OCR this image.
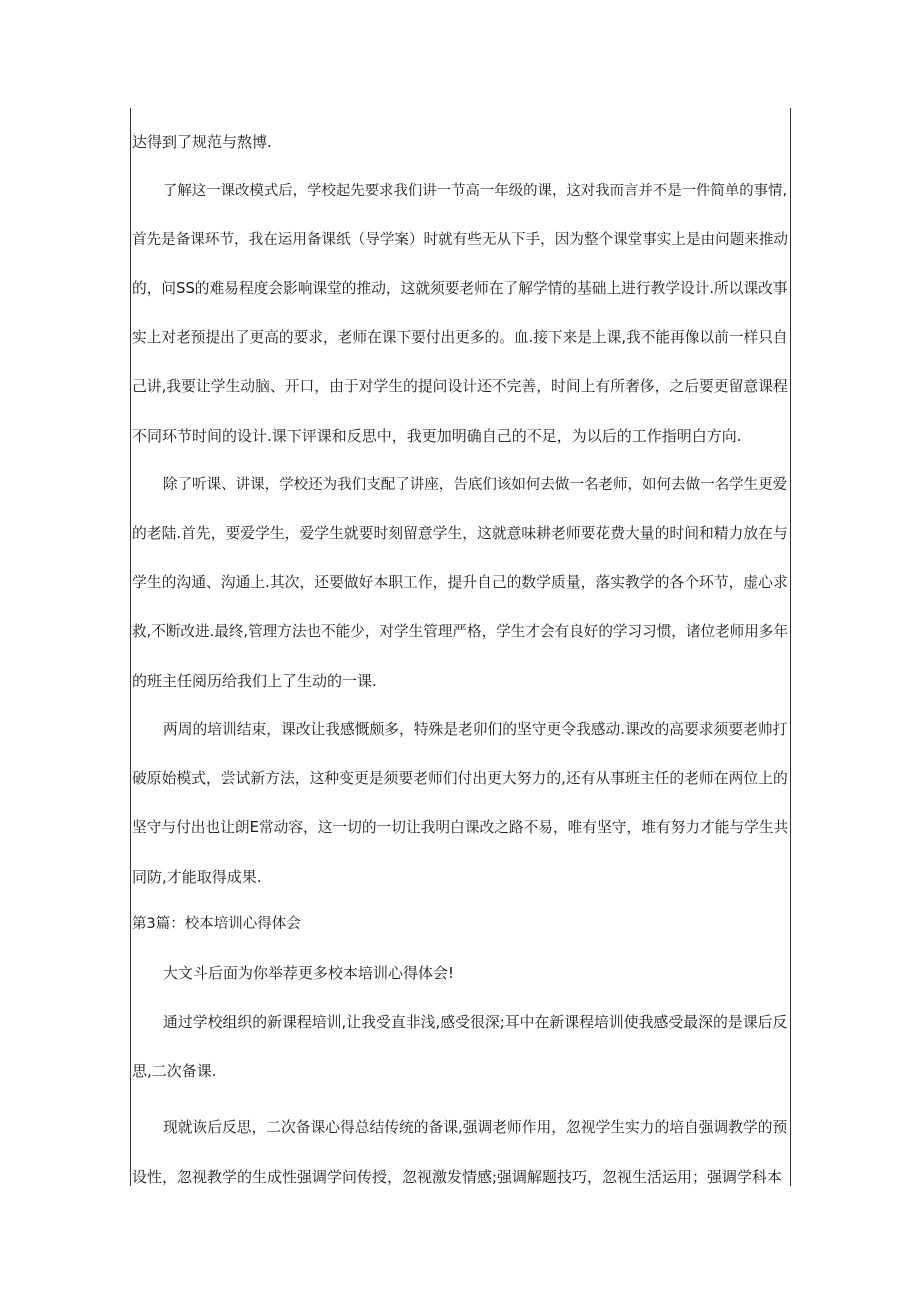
达得到了规范与熬博.
了解这一课改模式后，学校起先要求我们讲一节高一年级的课，这对我而言并不是一件简单的事情,
首先是备课环节，我在运用备课纸（导学案）时就有些无从下手，因为整个课堂事实上是由问题来推动
的，问SS的难易程度会影响课堂的推动，这就须要老师在了解学情的基础上进行教学设计.所以课改事
实上对老预提出了更高的要求，老师在课下要付出更多的。血.接下来是上课,我不能再像以前一样只自
己讲,我要让学生动脑、开口，由于对学生的提问设计还不完善，时间上有所奢侈，之后要更留意课程
不同环节时间的设计.课下评课和反思中，我更加明确自己的不足，为以后的工作指明白方向.
除了听课、讲课，学校还为我们支配了讲座，告底们该如何去做一名老师，如何去做一名学生更爱
的老陆.首先，要爱学生，爱学生就要时刻留意学生，这就意味耕老师要花费大量的时间和精力放在与
学生的沟通、沟通上.其次，还要做好本职工作，提升自己的数学质量，落实教学的各个环节，虚心求
救,不断改进.最终,管理方法也不能少，对学生管理严格，学生才会有良好的学习习惯，诸位老师用多年
的班主任阅历给我们上了生动的一课.
两周的培训结束，课改让我感慨颇多，特殊是老卯们的坚守更令我感动.课改的高要求须要老帅打
破原始模式，尝试新方法，这种变更是须要老师们付出更大努力的,还有从事班主任的老师在两位上的
坚守与付出也让朗E常动容，这一切的一切让我明白课改之路不易，唯有坚守，堆有努力才能与学生共
同防,才能取得成果.
第3篇：校本培训心得体会
大文斗后面为你举荐更多校本培训心得体会!
通过学校组织的新课程培训,让我受直非浅,感受很深;耳中在新课程培训使我感受最深的是课后反
思,二次备课.
现就诙后反思，二次备课心得总结传统的备课,强调老师作用，忽视学生实力的培自强调教学的预
设性，忽视教学的生成性强调学问传授，忽视激发情感;强调解题技巧，忽视生活运用；强调学科本
